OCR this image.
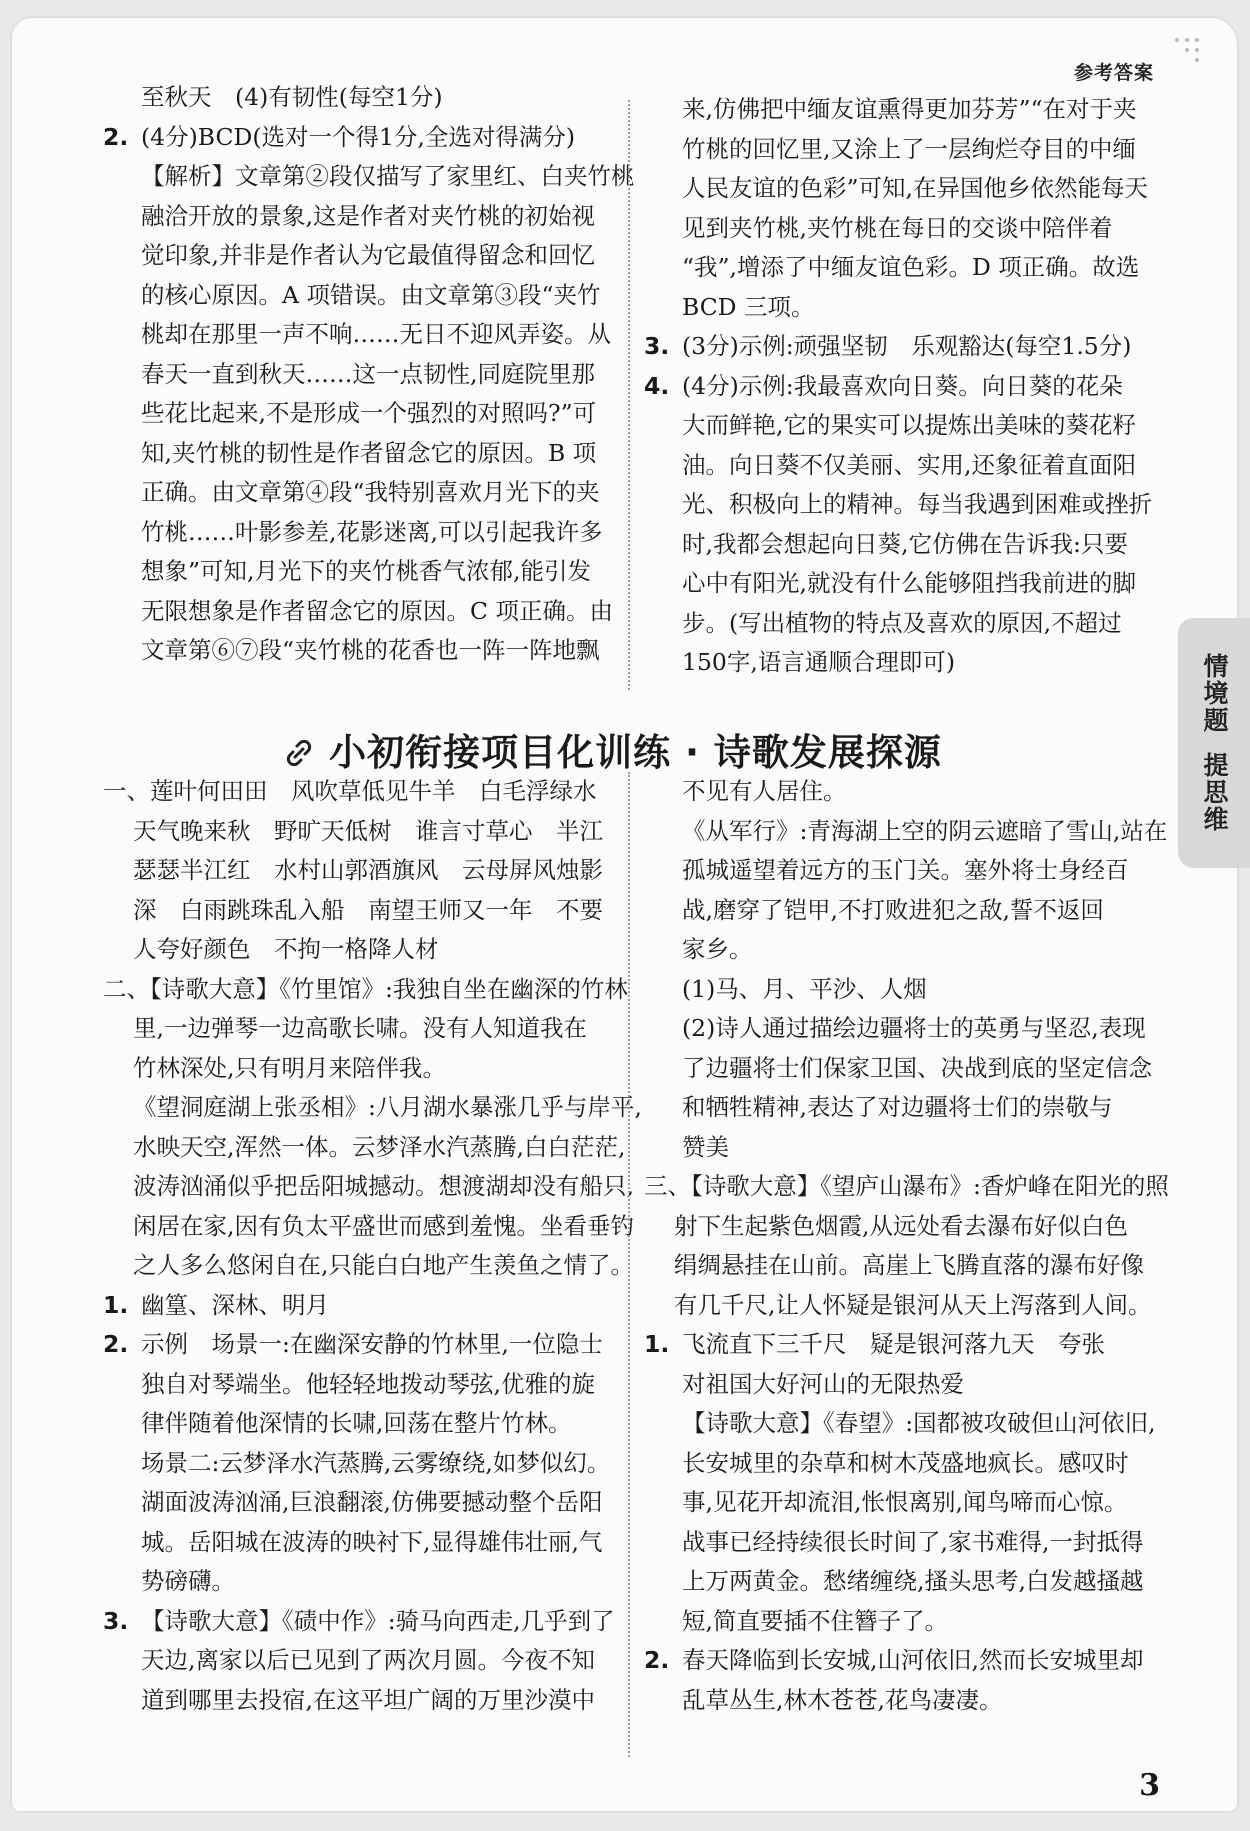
参考答案
情境题
提思维

至秋天　(4)有韧性(每空1分)

2. (4分)BCD(选对一个得1分,全选对得满分)

【解析】文章第②段仅描写了家里红、白夹竹桃

融洽开放的景象,这是作者对夹竹桃的初始视

觉印象,并非是作者认为它最值得留念和回忆

的核心原因。A 项错误。由文章第③段“夹竹

桃却在那里一声不响……无日不迎风弄姿。从

春天一直到秋天……这一点韧性,同庭院里那

些花比起来,不是形成一个强烈的对照吗?”可

知,夹竹桃的韧性是作者留念它的原因。B 项

正确。由文章第④段“我特别喜欢月光下的夹

竹桃……叶影参差,花影迷离,可以引起我许多

想象”可知,月光下的夹竹桃香气浓郁,能引发

无限想象是作者留念它的原因。C 项正确。由

文章第⑥⑦段“夹竹桃的花香也一阵一阵地飘

来,仿佛把中缅友谊熏得更加芬芳”“在对于夹

竹桃的回忆里,又涂上了一层绚烂夺目的中缅

人民友谊的色彩”可知,在异国他乡依然能每天

见到夹竹桃,夹竹桃在每日的交谈中陪伴着

“我”,增添了中缅友谊色彩。D 项正确。故选

BCD 三项。

3. (3分)示例:顽强坚韧　乐观豁达(每空1.5分)

4. (4分)示例:我最喜欢向日葵。向日葵的花朵

大而鲜艳,它的果实可以提炼出美味的葵花籽

油。向日葵不仅美丽、实用,还象征着直面阳

光、积极向上的精神。每当我遇到困难或挫折

时,我都会想起向日葵,它仿佛在告诉我:只要

心中有阳光,就没有什么能够阻挡我前进的脚

步。(写出植物的特点及喜欢的原因,不超过

150字,语言通顺合理即可)

小初衔接项目化训练 · 诗歌发展探源

一、莲叶何田田　风吹草低见牛羊　白毛浮绿水

天气晚来秋　野旷天低树　谁言寸草心　半江

瑟瑟半江红　水村山郭酒旗风　云母屏风烛影

深　白雨跳珠乱入船　南望王师又一年　不要

人夸好颜色　不拘一格降人材

二、【诗歌大意】《竹里馆》:我独自坐在幽深的竹林

里,一边弹琴一边高歌长啸。没有人知道我在

竹林深处,只有明月来陪伴我。

《望洞庭湖上张丞相》:八月湖水暴涨几乎与岸平,

水映天空,浑然一体。云梦泽水汽蒸腾,白白茫茫,

波涛汹涌似乎把岳阳城撼动。想渡湖却没有船只,

闲居在家,因有负太平盛世而感到羞愧。坐看垂钓

之人多么悠闲自在,只能白白地产生羡鱼之情了。

1. 幽篁、深林、明月

2. 示例　场景一:在幽深安静的竹林里,一位隐士

独自对琴端坐。他轻轻地拨动琴弦,优雅的旋

律伴随着他深情的长啸,回荡在整片竹林。

场景二:云梦泽水汽蒸腾,云雾缭绕,如梦似幻。

湖面波涛汹涌,巨浪翻滚,仿佛要撼动整个岳阳

城。岳阳城在波涛的映衬下,显得雄伟壮丽,气

势磅礴。

3. 【诗歌大意】《碛中作》:骑马向西走,几乎到了

天边,离家以后已见到了两次月圆。今夜不知

道到哪里去投宿,在这平坦广阔的万里沙漠中

不见有人居住。

《从军行》:青海湖上空的阴云遮暗了雪山,站在

孤城遥望着远方的玉门关。塞外将士身经百

战,磨穿了铠甲,不打败进犯之敌,誓不返回

家乡。

(1)马、月、平沙、人烟

(2)诗人通过描绘边疆将士的英勇与坚忍,表现

了边疆将士们保家卫国、决战到底的坚定信念

和牺牲精神,表达了对边疆将士们的崇敬与

赞美

三、【诗歌大意】《望庐山瀑布》:香炉峰在阳光的照

射下生起紫色烟霞,从远处看去瀑布好似白色

绢绸悬挂在山前。高崖上飞腾直落的瀑布好像

有几千尺,让人怀疑是银河从天上泻落到人间。

1. 飞流直下三千尺　疑是银河落九天　夸张

对祖国大好河山的无限热爱

【诗歌大意】《春望》:国都被攻破但山河依旧,

长安城里的杂草和树木茂盛地疯长。感叹时

事,见花开却流泪,怅恨离别,闻鸟啼而心惊。

战事已经持续很长时间了,家书难得,一封抵得

上万两黄金。愁绪缠绕,搔头思考,白发越搔越

短,简直要插不住簪子了。

2. 春天降临到长安城,山河依旧,然而长安城里却

乱草丛生,林木苍苍,花鸟凄凄。

3
